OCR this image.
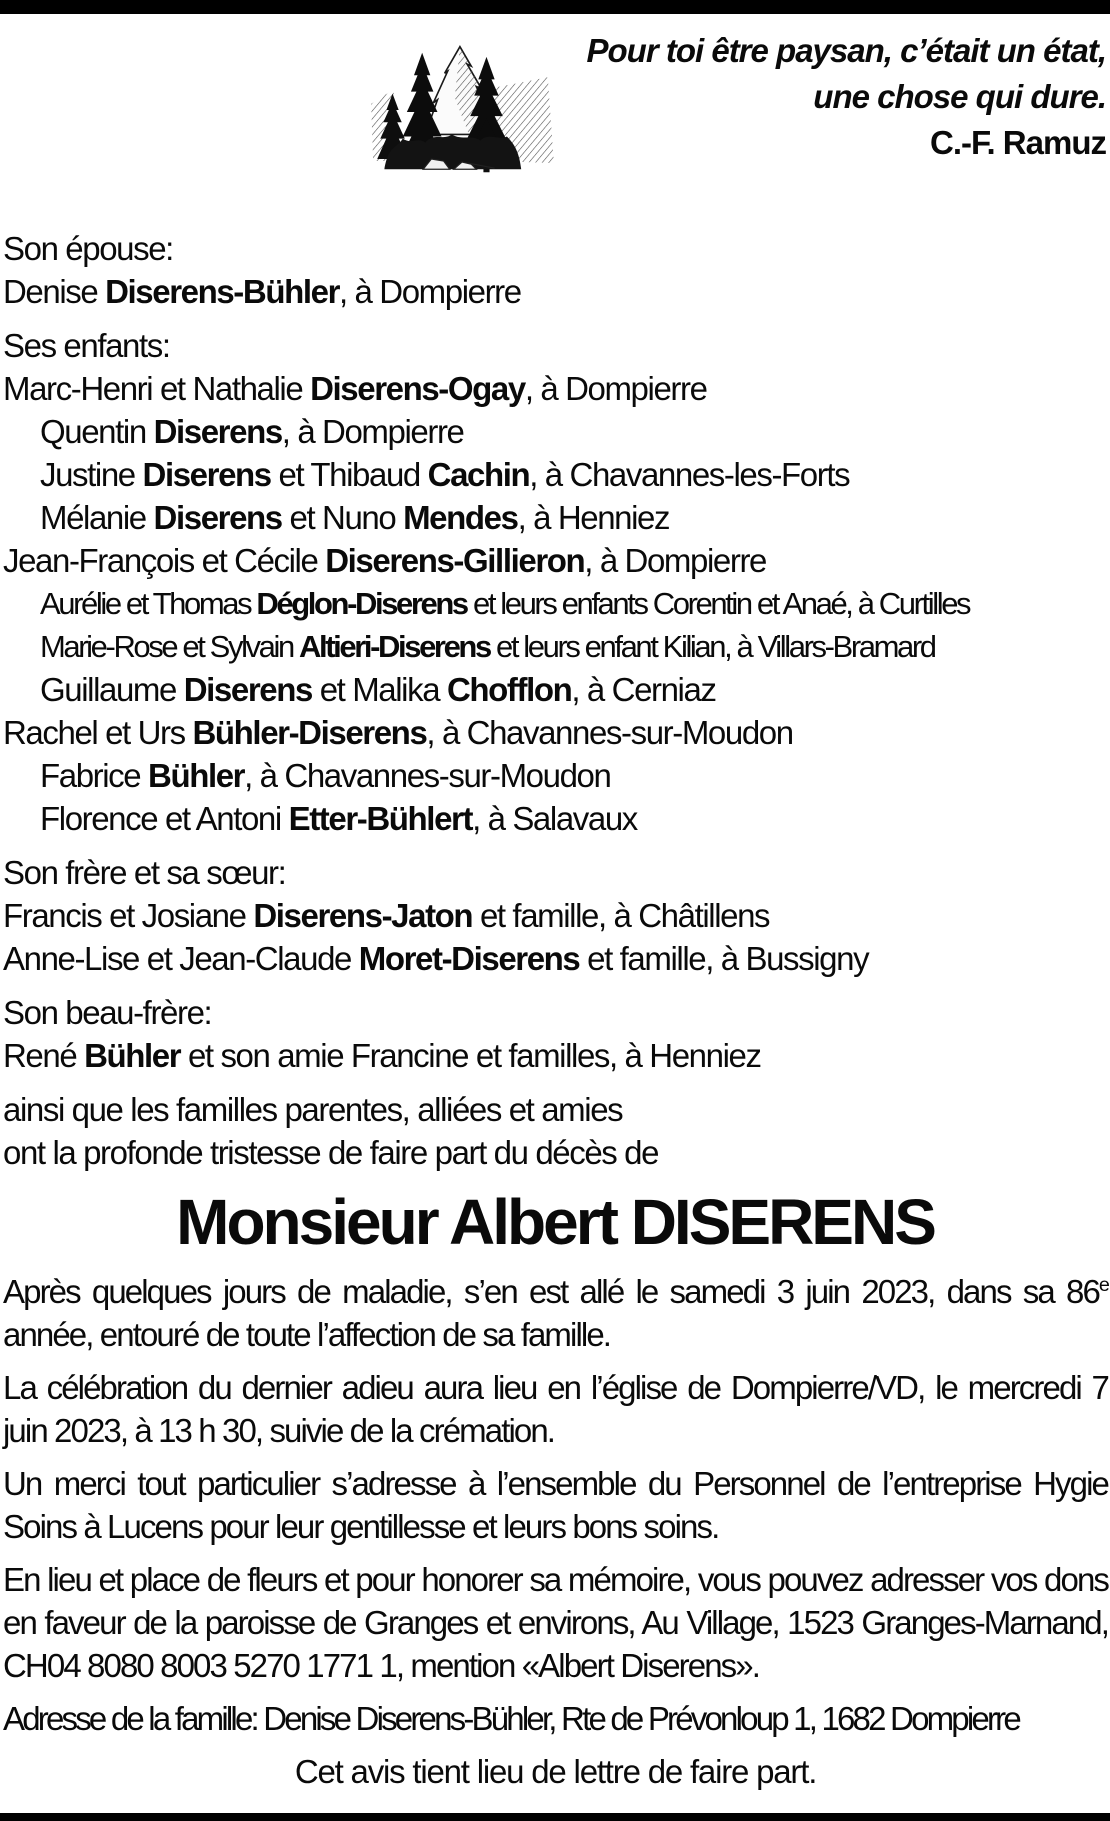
Pour toi être paysan, c’était un état,
une chose qui dure.
C.-F. Ramuz
Son épouse:
Denise Diserens-Bühler, à Dompierre
Ses enfants:
Marc-Henri et Nathalie Diserens-Ogay, à Dompierre
Quentin Diserens, à Dompierre
Justine Diserens et Thibaud Cachin, à Chavannes-les-Forts
Mélanie Diserens et Nuno Mendes, à Henniez
Jean-François et Cécile Diserens-Gillieron, à Dompierre
Aurélie et Thomas Déglon-Diserens et leurs enfants Corentin et Anaé, à Curtilles
Marie-Rose et Sylvain Altieri-Diserens et leurs enfant Kilian, à Villars-Bramard
Guillaume Diserens et Malika Chofflon, à Cerniaz
Rachel et Urs Bühler-Diserens, à Chavannes-sur-Moudon
Fabrice Bühler, à Chavannes-sur-Moudon
Florence et Antoni Etter-Bühlert, à Salavaux
Son frère et sa sœur:
Francis et Josiane Diserens-Jaton et famille, à Châtillens
Anne-Lise et Jean-Claude Moret-Diserens et famille, à Bussigny
Son beau-frère:
René Bühler et son amie Francine et familles, à Henniez
ainsi que les familles parentes, alliées et amies
ont la profonde tristesse de faire part du décès de
Monsieur Albert DISERENS

Après quelques jours de maladie, s’en est allé le samedi 3 juin 2023, dans sa 86e année, entouré de toute l’affection de sa famille.

La célébration du dernier adieu aura lieu en l’église de Dompierre/VD, le mercredi 7 juin 2023, à 13 h 30, suivie de la crémation.

Un merci tout particulier s’adresse à l’ensemble du Personnel de l’entreprise Hygie Soins à Lucens pour leur gentillesse et leurs bons soins.

En lieu et place de fleurs et pour honorer sa mémoire, vous pouvez adresser vos dons en faveur de la paroisse de Granges et environs, Au Village, 1523 Granges-Marnand, CH04 8080 8003 5270 1771 1, mention «Albert Diserens».

Adresse de la famille: Denise Diserens-Bühler, Rte de Prévonloup 1, 1682 Dompierre

Cet avis tient lieu de lettre de faire part.
